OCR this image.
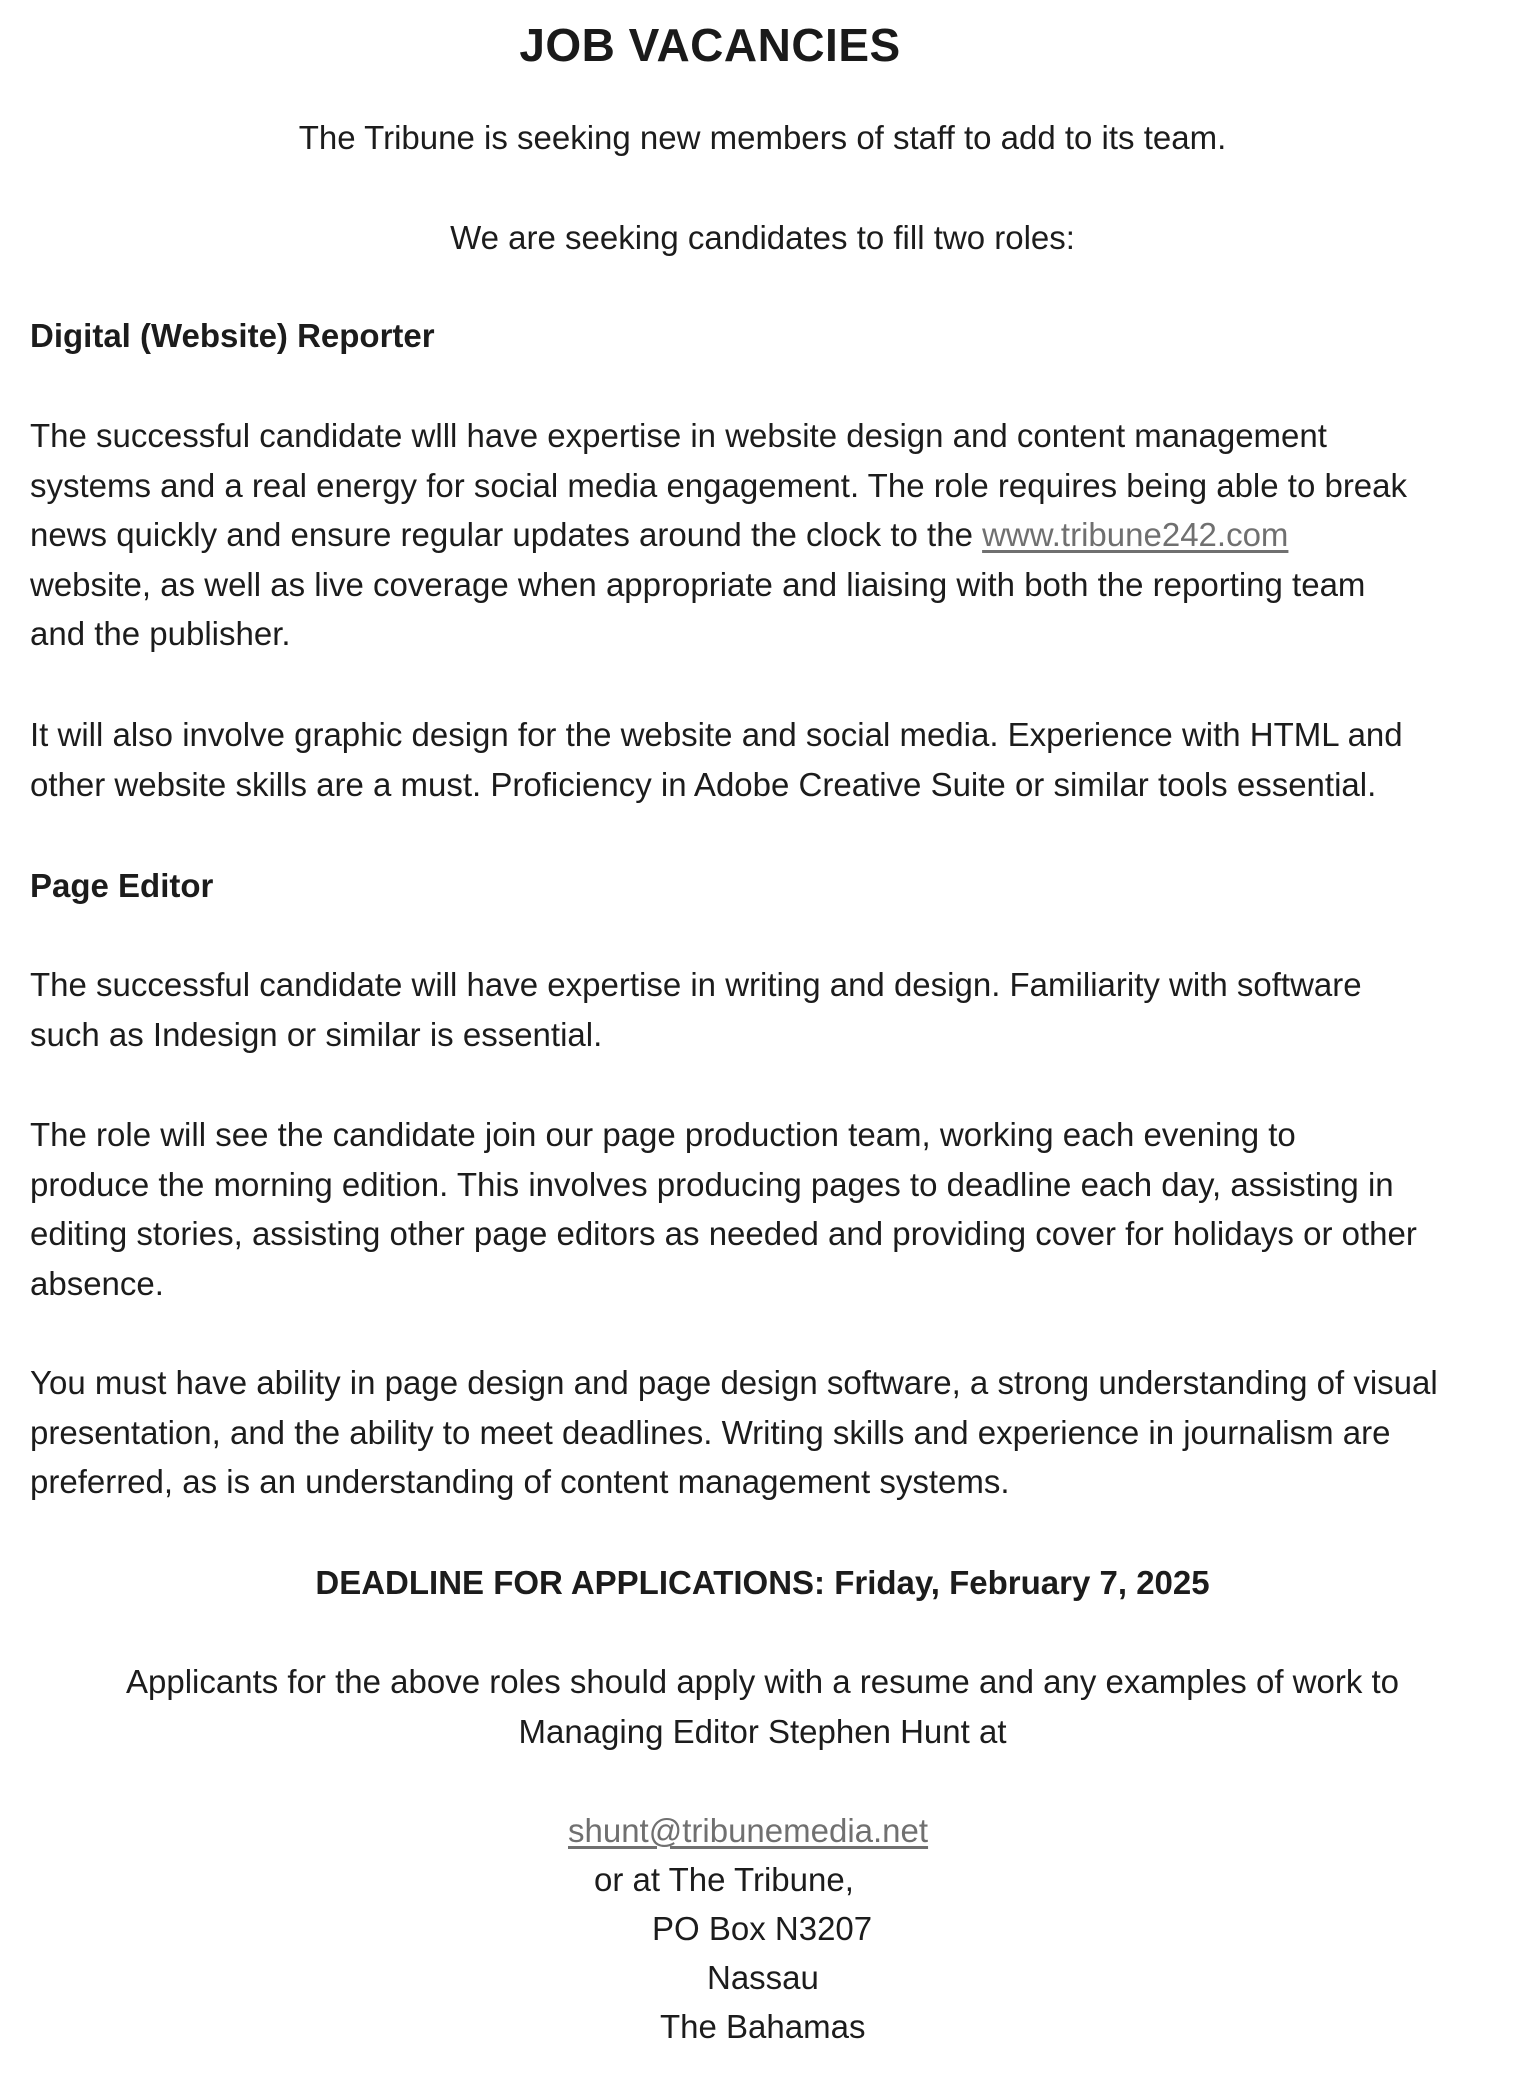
JOB VACANCIES
The Tribune is seeking new members of staff to add to its team.
We are seeking candidates to fill two roles:
Digital (Website) Reporter
The successful candidate wlll have expertise in website design and content management
systems and a real energy for social media engagement. The role requires being able to break
news quickly and ensure regular updates around the clock to the www.tribune242.com
website, as well as live coverage when appropriate and liaising with both the reporting team
and the publisher.
It will also involve graphic design for the website and social media. Experience with HTML and
other website skills are a must. Proficiency in Adobe Creative Suite or similar tools essential.
Page Editor
The successful candidate will have expertise in writing and design. Familiarity with software
such as Indesign or similar is essential.
The role will see the candidate join our page production team, working each evening to
produce the morning edition. This involves producing pages to deadline each day, assisting in
editing stories, assisting other page editors as needed and providing cover for holidays or other
absence.
You must have ability in page design and page design software, a strong understanding of visual
presentation, and the ability to meet deadlines. Writing skills and experience in journalism are
preferred, as is an understanding of content management systems.
DEADLINE FOR APPLICATIONS: Friday, February 7, 2025
Applicants for the above roles should apply with a resume and any examples of work to
Managing Editor Stephen Hunt at
shunt@tribunemedia.net
or at The Tribune,
PO Box N3207
Nassau
The Bahamas
